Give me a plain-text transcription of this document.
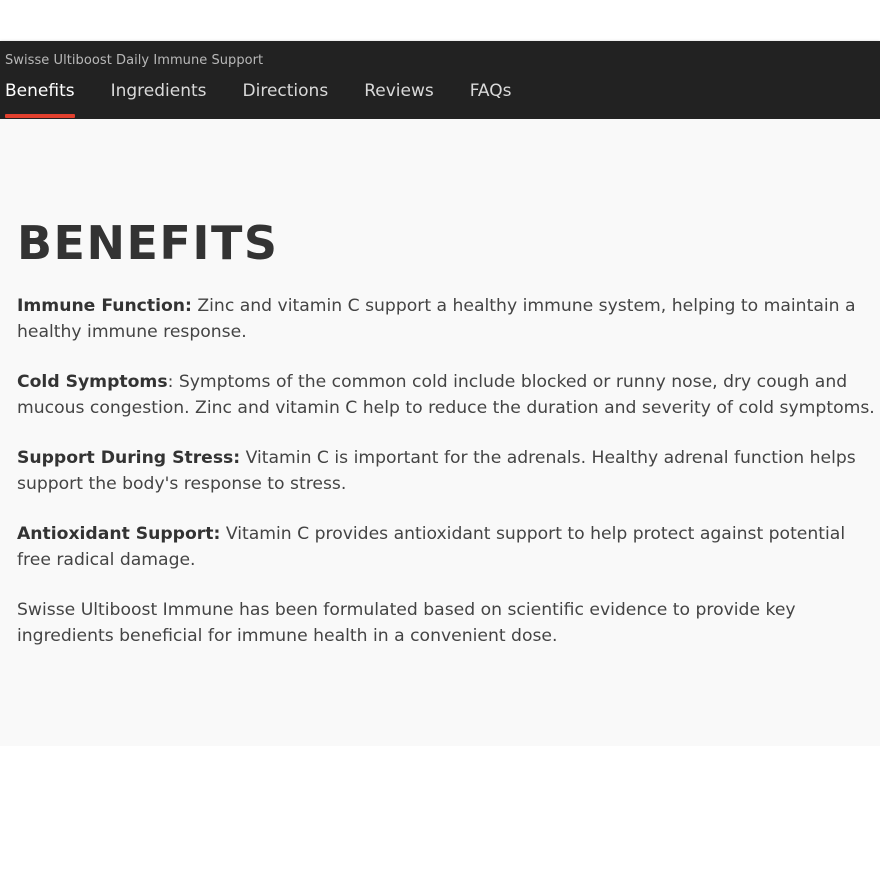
Swisse Ultiboost Daily Immune Support
Benefits Ingredients Directions Reviews FAQs
BENEFITS

Immune Function: Zinc and vitamin C support a healthy immune system, helping to maintain a healthy immune response.

Cold Symptoms: Symptoms of the common cold include blocked or runny nose, dry cough and mucous congestion. Zinc and vitamin C help to reduce the duration and severity of cold symptoms.

Support During Stress: Vitamin C is important for the adrenals. Healthy adrenal function helps support the body's response to stress.

Antioxidant Support: Vitamin C provides antioxidant support to help protect against potential free radical damage.

Swisse Ultiboost Immune has been formulated based on scientific evidence to provide key ingredients beneficial for immune health in a convenient dose.
